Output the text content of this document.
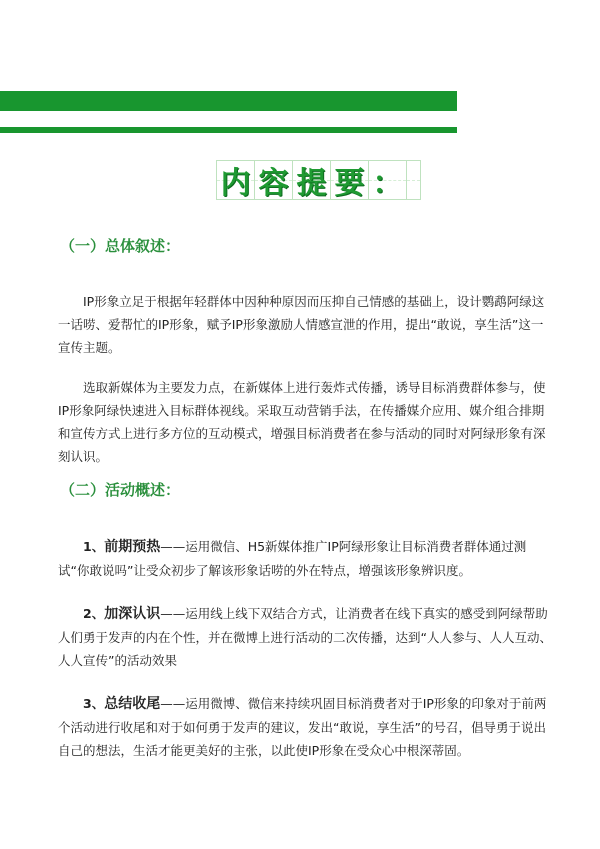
内 容 提 要 ：
（一）总体叙述：

IP形象立足于根据年轻群体中因种种原因而压抑自己情感的基础上，设计鹦鹉阿绿这一话唠、爱帮忙的IP形象，赋予IP形象激励人情感宣泄的作用，提出“敢说，享生活”这一宣传主题。

选取新媒体为主要发力点，在新媒体上进行轰炸式传播，诱导目标消费群体参与，使IP形象阿绿快速进入目标群体视线。采取互动营销手法，在传播媒介应用、媒介组合排期和宣传方式上进行多方位的互动模式，增强目标消费者在参与活动的同时对阿绿形象有深刻认识。

（二）活动概述：

1、前期预热——运用微信、H5新媒体推广IP阿绿形象让目标消费者群体通过测试“你敢说吗”让受众初步了解该形象话唠的外在特点，增强该形象辨识度。

2、加深认识——运用线上线下双结合方式，让消费者在线下真实的感受到阿绿帮助人们勇于发声的内在个性，并在微博上进行活动的二次传播，达到“人人参与、人人互动、人人宣传”的活动效果

3、总结收尾——运用微博、微信来持续巩固目标消费者对于IP形象的印象对于前两个活动进行收尾和对于如何勇于发声的建议，发出“敢说，享生活”的号召，倡导勇于说出自己的想法，生活才能更美好的主张，以此使IP形象在受众心中根深蒂固。
